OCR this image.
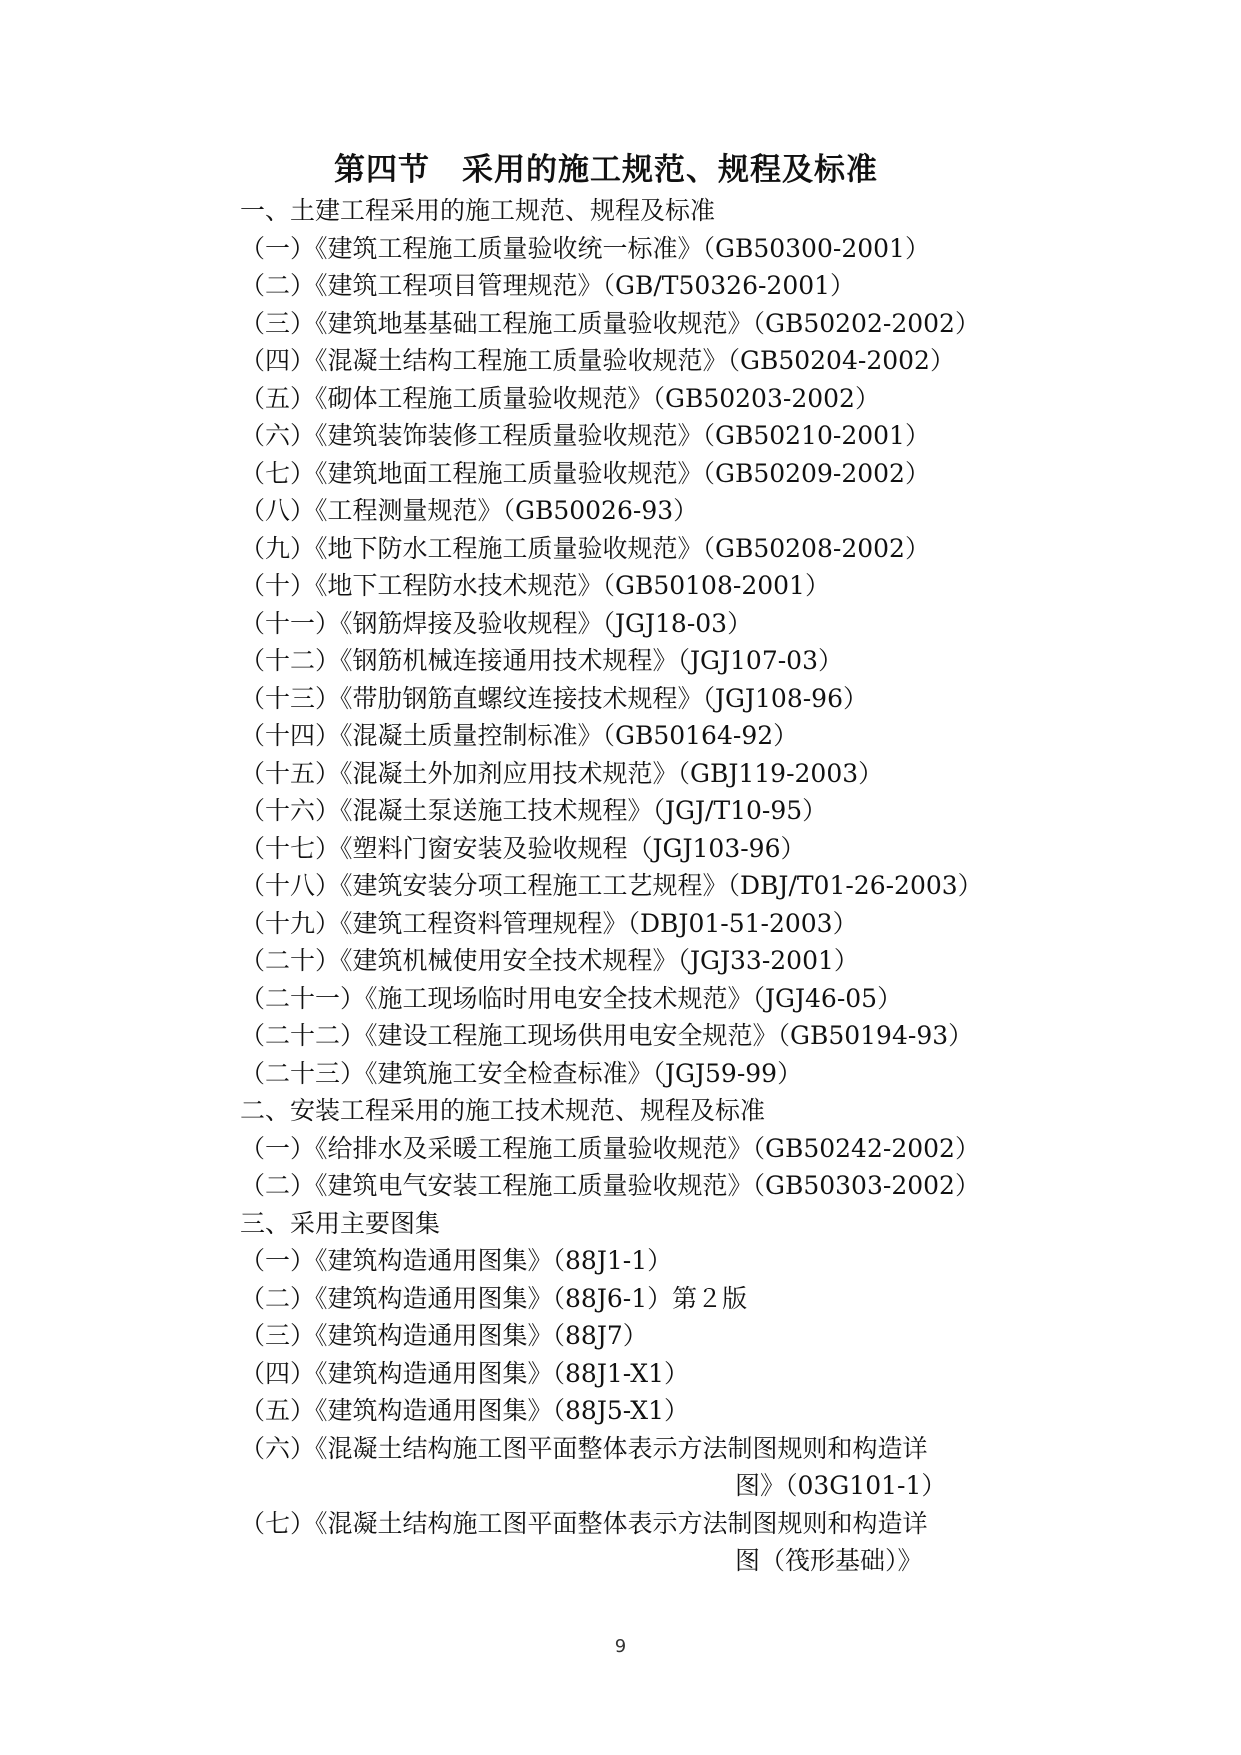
第四节　采用的施工规范、规程及标准
一、土建工程采用的施工规范、规程及标准
（一）《建筑工程施工质量验收统一标准》（GB50300-2001）
（二）《建筑工程项目管理规范》（GB/T50326-2001）
（三）《建筑地基基础工程施工质量验收规范》（GB50202-2002）
（四）《混凝土结构工程施工质量验收规范》（GB50204-2002）
（五）《砌体工程施工质量验收规范》（GB50203-2002）
（六）《建筑装饰装修工程质量验收规范》（GB50210-2001）
（七）《建筑地面工程施工质量验收规范》（GB50209-2002）
（八）《工程测量规范》（GB50026-93）
（九）《地下防水工程施工质量验收规范》（GB50208-2002）
（十）《地下工程防水技术规范》（GB50108-2001）
（十一）《钢筋焊接及验收规程》（JGJ18-03）
（十二）《钢筋机械连接通用技术规程》（JGJ107-03）
（十三）《带肋钢筋直螺纹连接技术规程》（JGJ108-96）
（十四）《混凝土质量控制标准》（GB50164-92）
（十五）《混凝土外加剂应用技术规范》（GBJ119-2003）
（十六）《混凝土泵送施工技术规程》（JGJ/T10-95）
（十七）《塑料门窗安装及验收规程（JGJ103-96）
（十八）《建筑安装分项工程施工工艺规程》（DBJ/T01-26-2003）
（十九）《建筑工程资料管理规程》（DBJ01-51-2003）
（二十）《建筑机械使用安全技术规程》（JGJ33-2001）
（二十一）《施工现场临时用电安全技术规范》（JGJ46-05）
（二十二）《建设工程施工现场供用电安全规范》（GB50194-93）
（二十三）《建筑施工安全检查标准》（JGJ59-99）
二、安装工程采用的施工技术规范、规程及标准
（一）《给排水及采暖工程施工质量验收规范》（GB50242-2002）
（二）《建筑电气安装工程施工质量验收规范》（GB50303-2002）
三、采用主要图集
（一）《建筑构造通用图集》（88J1-1）
（二）《建筑构造通用图集》（88J6-1）第２版
（三）《建筑构造通用图集》（88J7）
（四）《建筑构造通用图集》（88J1-X1）
（五）《建筑构造通用图集》（88J5-X1）
（六）《混凝土结构施工图平面整体表示方法制图规则和构造详
图》（03G101-1）
（七）《混凝土结构施工图平面整体表示方法制图规则和构造详
图（筏形基础）》
9
